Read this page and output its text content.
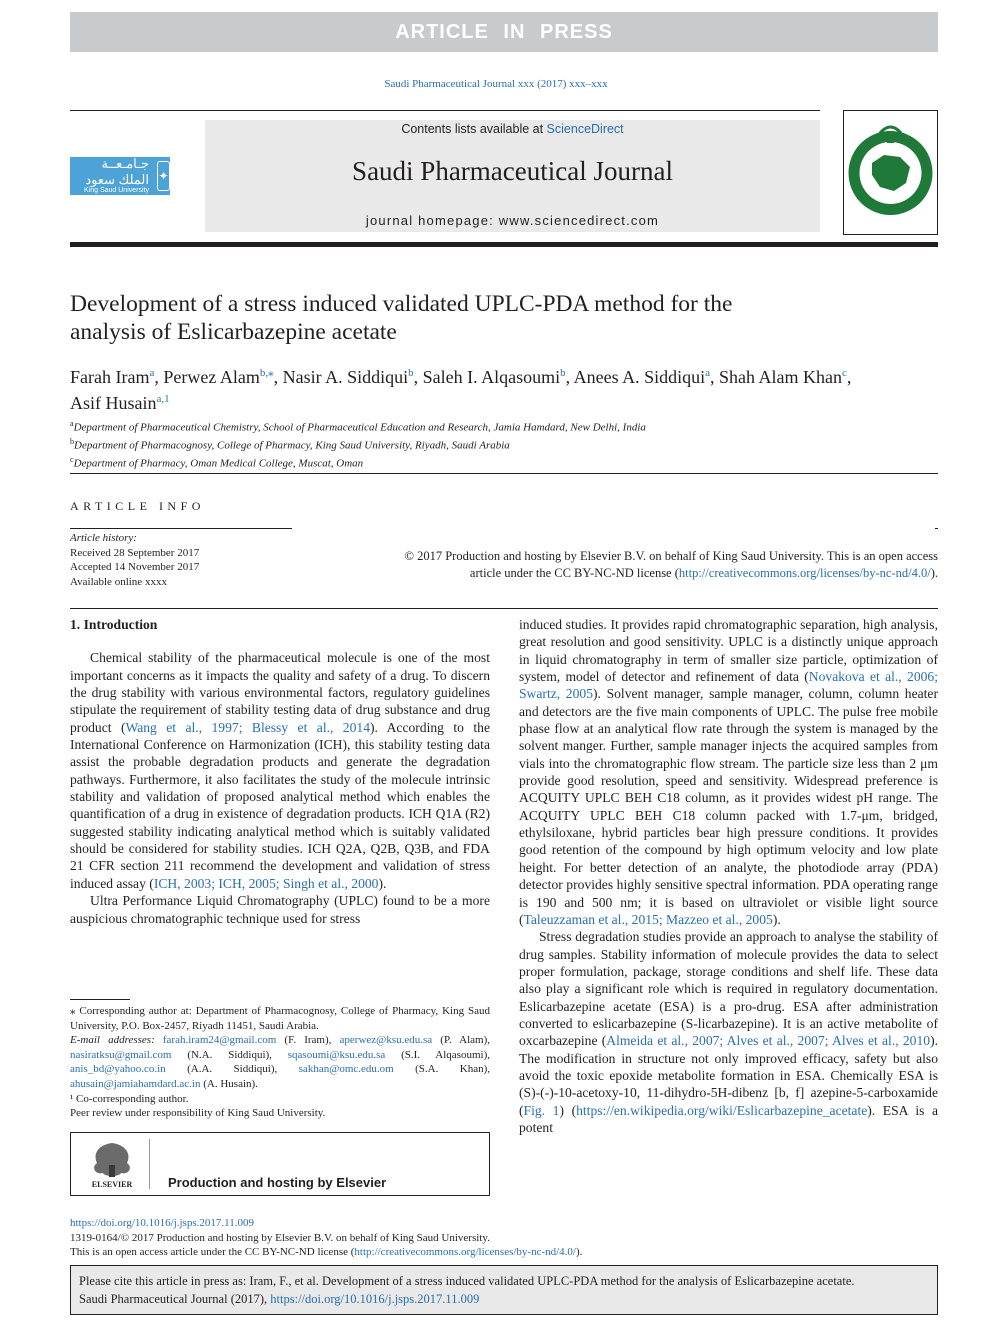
ARTICLE IN PRESS
Saudi Pharmaceutical Journal xxx (2017) xxx–xxx
جـامـعــة الملك سعود
King Saud University
✦
Contents lists available at ScienceDirect
Saudi Pharmaceutical Journal
journal homepage: www.sciencedirect.com
Development of a stress induced validated UPLC-PDA method for the
analysis of Eslicarbazepine acetate
Farah Iram$^a$, Perwez Alam$^{b,⁎}$, Nasir A. Siddiqui$^b$, Saleh I. Alqasoumi$^b$, Anees A. Siddiqui$^a$, Shah Alam Khan$^c$,
Asif Husain$^{a,1}$
$^a$Department of Pharmaceutical Chemistry, School of Pharmaceutical Education and Research, Jamia Hamdard, New Delhi, India
$^b$Department of Pharmacognosy, College of Pharmacy, King Saud University, Riyadh, Saudi Arabia
$^c$Department of Pharmacy, Oman Medical College, Muscat, Oman
ARTICLE INFO
Article history:
Received 28 September 2017
Accepted 14 November 2017
Available online xxxx
© 2017 Production and hosting by Elsevier B.V. on behalf of King Saud University. This is an open access
article under the CC BY-NC-ND license (http://creativecommons.org/licenses/by-nc-nd/4.0/).

1. Introduction

Chemical stability of the pharmaceutical molecule is one of the most important concerns as it impacts the quality and safety of a drug. To discern the drug stability with various environmental factors, regulatory guidelines stipulate the requirement of stability testing data of drug substance and drug product (Wang et al., 1997; Blessy et al., 2014). According to the International Conference on Harmonization (ICH), this stability testing data assist the probable degradation products and generate the degradation pathways. Furthermore, it also facilitates the study of the molecule intrinsic stability and validation of proposed analytical method which enables the quantification of a drug in existence of degradation products. ICH Q1A (R2) suggested stability indicating analytical method which is suitably validated should be considered for stability studies. ICH Q2A, Q2B, Q3B, and FDA 21 CFR section 211 recommend the development and validation of stress induced assay (ICH, 2003; ICH, 2005; Singh et al., 2000).

Ultra Performance Liquid Chromatography (UPLC) found to be a more auspicious chromatographic technique used for stress

induced studies. It provides rapid chromatographic separation, high analysis, great resolution and good sensitivity. UPLC is a distinctly unique approach in liquid chromatography in term of smaller size particle, optimization of system, model of detector and refinement of data (Novakova et al., 2006; Swartz, 2005). Solvent manager, sample manager, column, column heater and detectors are the five main components of UPLC. The pulse free mobile phase flow at an analytical flow rate through the system is managed by the solvent manger. Further, sample manager injects the acquired samples from vials into the chromatographic flow stream. The particle size less than 2 μm provide good resolution, speed and sensitivity. Widespread preference is ACQUITY UPLC BEH C18 column, as it provides widest pH range. The ACQUITY UPLC BEH C18 column packed with 1.7-μm, bridged, ethylsiloxane, hybrid particles bear high pressure conditions. It provides good retention of the compound by high optimum velocity and low plate height. For better detection of an analyte, the photodiode array (PDA) detector provides highly sensitive spectral information. PDA operating range is 190 and 500 nm; it is based on ultraviolet or visible light source (Taleuzzaman et al., 2015; Mazzeo et al., 2005).

Stress degradation studies provide an approach to analyse the stability of drug samples. Stability information of molecule provides the data to select proper formulation, package, storage conditions and shelf life. These data also play a significant role which is required in regulatory documentation. Eslicarbazepine acetate (ESA) is a pro-drug. ESA after administration converted to eslicarbazepine (S-licarbazepine). It is an active metabolite of oxcarbazepine (Almeida et al., 2007; Alves et al., 2007; Alves et al., 2010). The modification in structure not only improved efficacy, safety but also avoid the toxic epoxide metabolite formation in ESA. Chemically ESA is (S)-(-)-10-acetoxy-10, 11-dihydro-5H-dibenz [b, f] azepine-5-carboxamide (Fig. 1) (https://en.wikipedia.org/wiki/Eslicarbazepine_acetate). ESA is a potent

⁎ Corresponding author at: Department of Pharmacognosy, College of Pharmacy, King Saud University, P.O. Box-2457, Riyadh 11451, Saudi Arabia.

E-mail addresses: farah.iram24@gmail.com (F. Iram), aperwez@ksu.edu.sa (P. Alam), nasiratksu@gmail.com (N.A. Siddiqui), sqasoumi@ksu.edu.sa (S.I. Alqasoumi), anis_bd@yahoo.co.in (A.A. Siddiqui), sakhan@omc.edu.om (S.A. Khan), ahusain@jamiahamdard.ac.in (A. Husain).

¹ Co-corresponding author.

Peer review under responsibility of King Saud University.

ELSEVIER	Production and hosting by Elsevier
https://doi.org/10.1016/j.jsps.2017.11.009
1319-0164/© 2017 Production and hosting by Elsevier B.V. on behalf of King Saud University.
This is an open access article under the CC BY-NC-ND license (http://creativecommons.org/licenses/by-nc-nd/4.0/).
Please cite this article in press as: Iram, F., et al. Development of a stress induced validated UPLC-PDA method for the analysis of Eslicarbazepine acetate.
Saudi Pharmaceutical Journal (2017), https://doi.org/10.1016/j.jsps.2017.11.009
